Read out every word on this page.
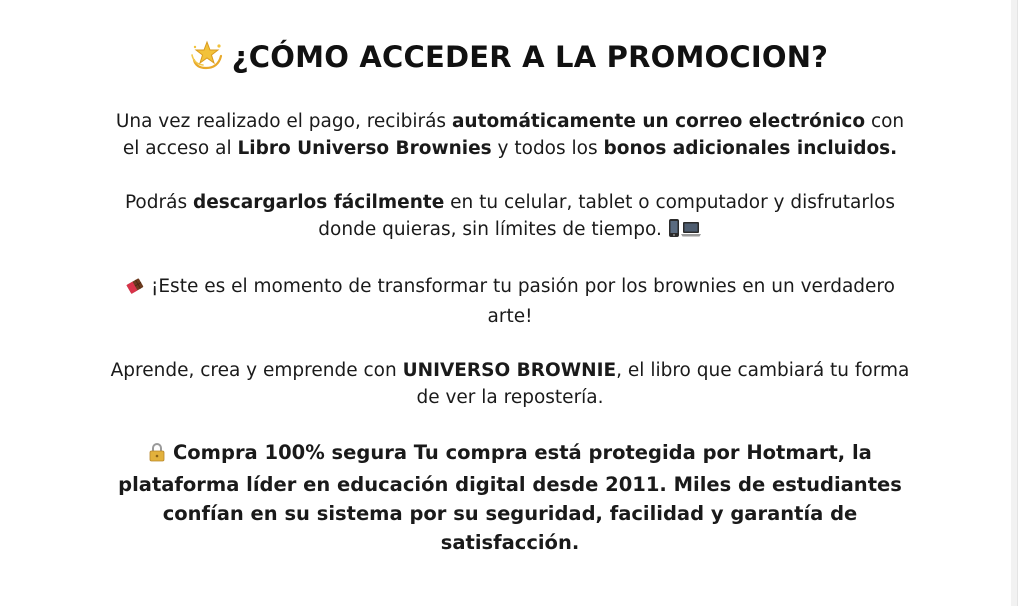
¿CÓMO ACCEDER A LA PROMOCION?

Una vez realizado el pago, recibirás automáticamente un correo electrónico con el acceso al Libro Universo Brownies y todos los bonos adicionales incluidos.

Podrás descargarlos fácilmente en tu celular, tablet o computador y disfrutarlos donde quieras, sin límites de tiempo.

¡Este es el momento de transformar tu pasión por los brownies en un verdadero arte!

Aprende, crea y emprende con UNIVERSO BROWNIE, el libro que cambiará tu forma de ver la repostería.

Compra 100% segura Tu compra está protegida por Hotmart, la plataforma líder en educación digital desde 2011. Miles de estudiantes confían en su sistema por su seguridad, facilidad y garantía de satisfacción.
